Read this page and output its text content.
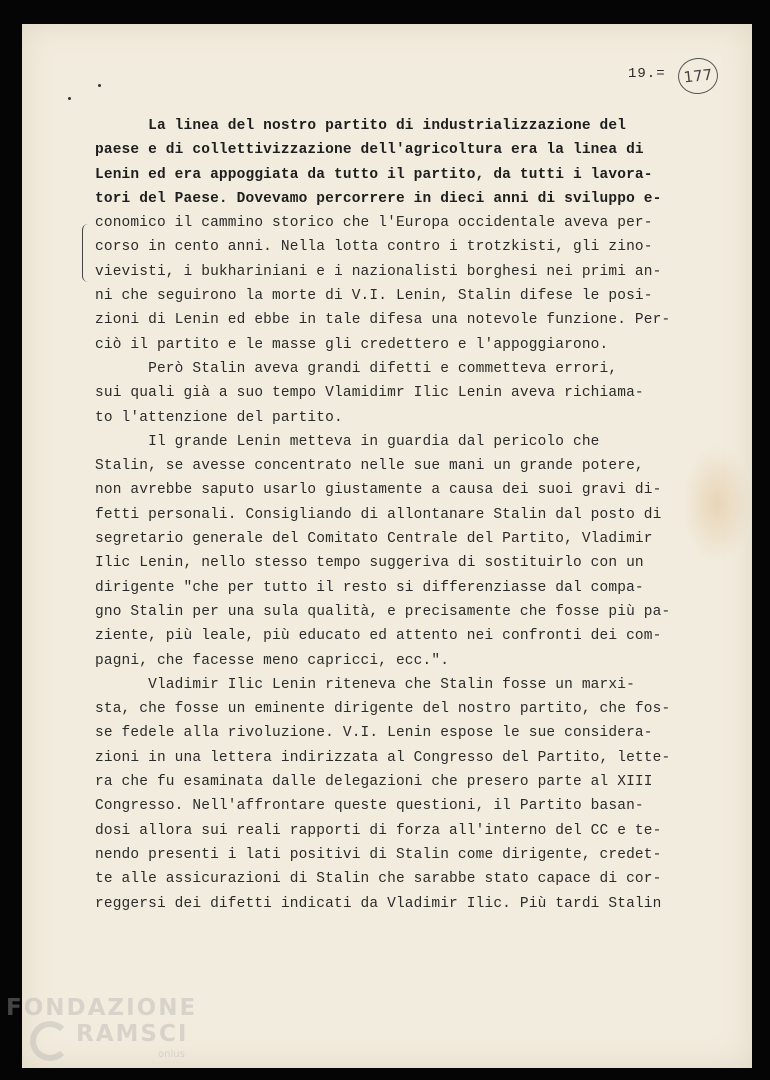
19.=	177
La linea del nostro partito di industrializzazione del
paese e di collettivizzazione dell'agricoltura era la linea di
Lenin ed era appoggiata da tutto il partito, da tutti i lavora-
tori del Paese. Dovevamo percorrere in dieci anni di sviluppo e-
conomico il cammino storico che l'Europa occidentale aveva per-
corso in cento anni. Nella lotta contro i trotzkisti, gli zino-
vievisti, i bukhariniani e i nazionalisti borghesi nei primi an-
ni che seguirono la morte di V.I. Lenin, Stalin difese le posi-
zioni di Lenin ed ebbe in tale difesa una notevole funzione. Per-
ciò il partito e le masse gli credettero e l'appoggiarono.
Però Stalin aveva grandi difetti e commetteva errori,
sui quali già a suo tempo Vlamidimr Ilic Lenin aveva richiama-
to l'attenzione del partito.
Il grande Lenin metteva in guardia dal pericolo che
Stalin, se avesse concentrato nelle sue mani un grande potere,
non avrebbe saputo usarlo giustamente a causa dei suoi gravi di-
fetti personali. Consigliando di allontanare Stalin dal posto di
segretario generale del Comitato Centrale del Partito, Vladimir
Ilic Lenin, nello stesso tempo suggeriva di sostituirlo con un
dirigente "che per tutto il resto si differenziasse dal compa-
gno Stalin per una sula qualità, e precisamente che fosse più pa-
ziente, più leale, più educato ed attento nei confronti dei com-
pagni, che facesse meno capricci, ecc.".
Vladimir Ilic Lenin riteneva che Stalin fosse un marxi-
sta, che fosse un eminente dirigente del nostro partito, che fos-
se fedele alla rivoluzione. V.I. Lenin espose le sue considera-
zioni in una lettera indirizzata al Congresso del Partito, lette-
ra che fu esaminata dalle delegazioni che presero parte al XIII
Congresso. Nell'affrontare queste questioni, il Partito basan-
dosi allora sui reali rapporti di forza all'interno del CC e te-
nendo presenti i lati positivi di Stalin come dirigente, credet-
te alle assicurazioni di Stalin che sarabbe stato capace di cor-
reggersi dei difetti indicati da Vladimir Ilic. Più tardi Stalin
FONDAZIONE
RAMSCI
onlus
